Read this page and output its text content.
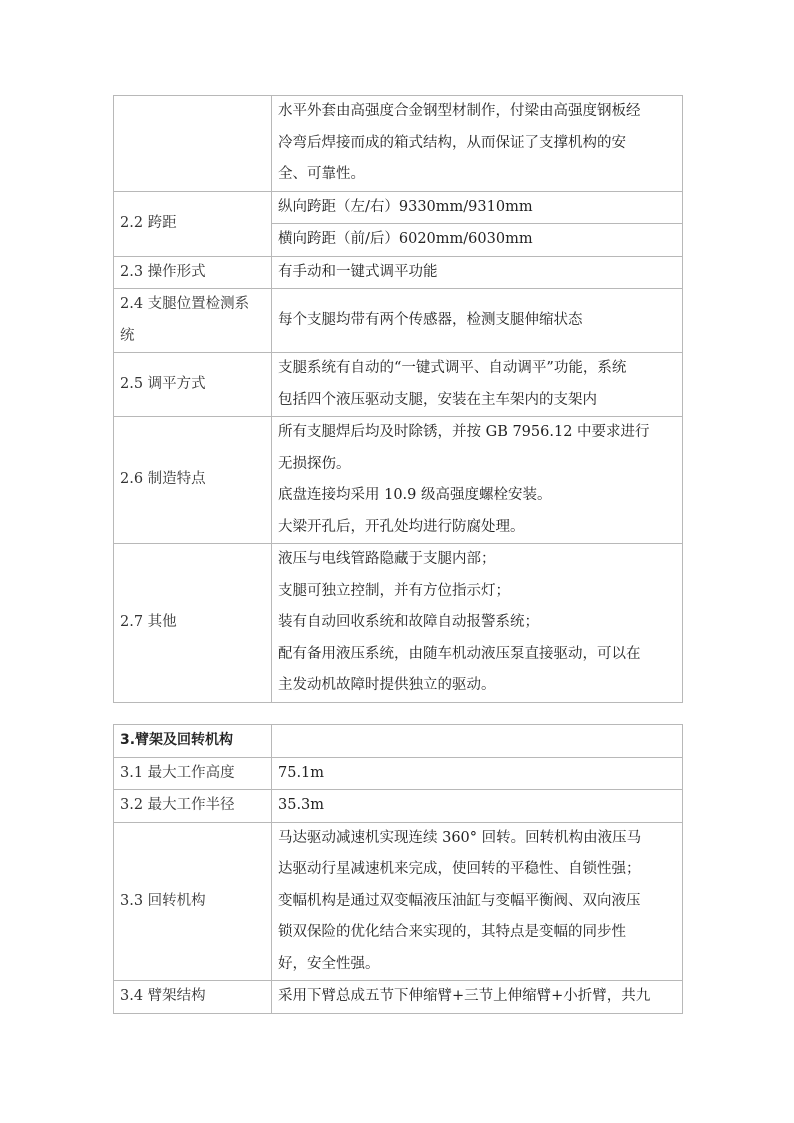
	水平外套由高强度合金钢型材制作，付梁由高强度钢板经
冷弯后焊接而成的箱式结构，从而保证了支撑机构的安
全、可靠性。

2.2 跨距	纵向跨距（左/右）9330mm/9310mm
	横向跨距（前/后）6020mm/6030mm
2.3 操作形式	有手动和一键式调平功能

2.4 支腿位置检测系
统	每个支腿均带有两个传感器，检测支腿伸缩状态
2.5 调平方式	支腿系统有自动的“一键式调平、自动调平”功能，系统
包括四个液压驱动支腿，安装在主车架内的支架内

2.6 制造特点	所有支腿焊后均及时除锈，并按 GB 7956.12 中要求进行
无损探伤。
底盘连接均采用 10.9 级高强度螺栓安装。
大梁开孔后，开孔处均进行防腐处理。

2.7 其他	液压与电线管路隐藏于支腿内部；
支腿可独立控制，并有方位指示灯；
装有自动回收系统和故障自动报警系统；
配有备用液压系统，由随车机动液压泵直接驱动，可以在
主发动机故障时提供独立的驱动。
3.臂架及回转机构	
3.1 最大工作高度	75.1m
3.2 最大工作半径	35.3m
3.3 回转机构	马达驱动减速机实现连续 360° 回转。回转机构由液压马
达驱动行星减速机来完成，使回转的平稳性、自锁性强；
变幅机构是通过双变幅液压油缸与变幅平衡阀、双向液压
锁双保险的优化结合来实现的，其特点是变幅的同步性
好，安全性强。

3.4 臂架结构	采用下臂总成五节下伸缩臂+三节上伸缩臂+小折臂，共九
